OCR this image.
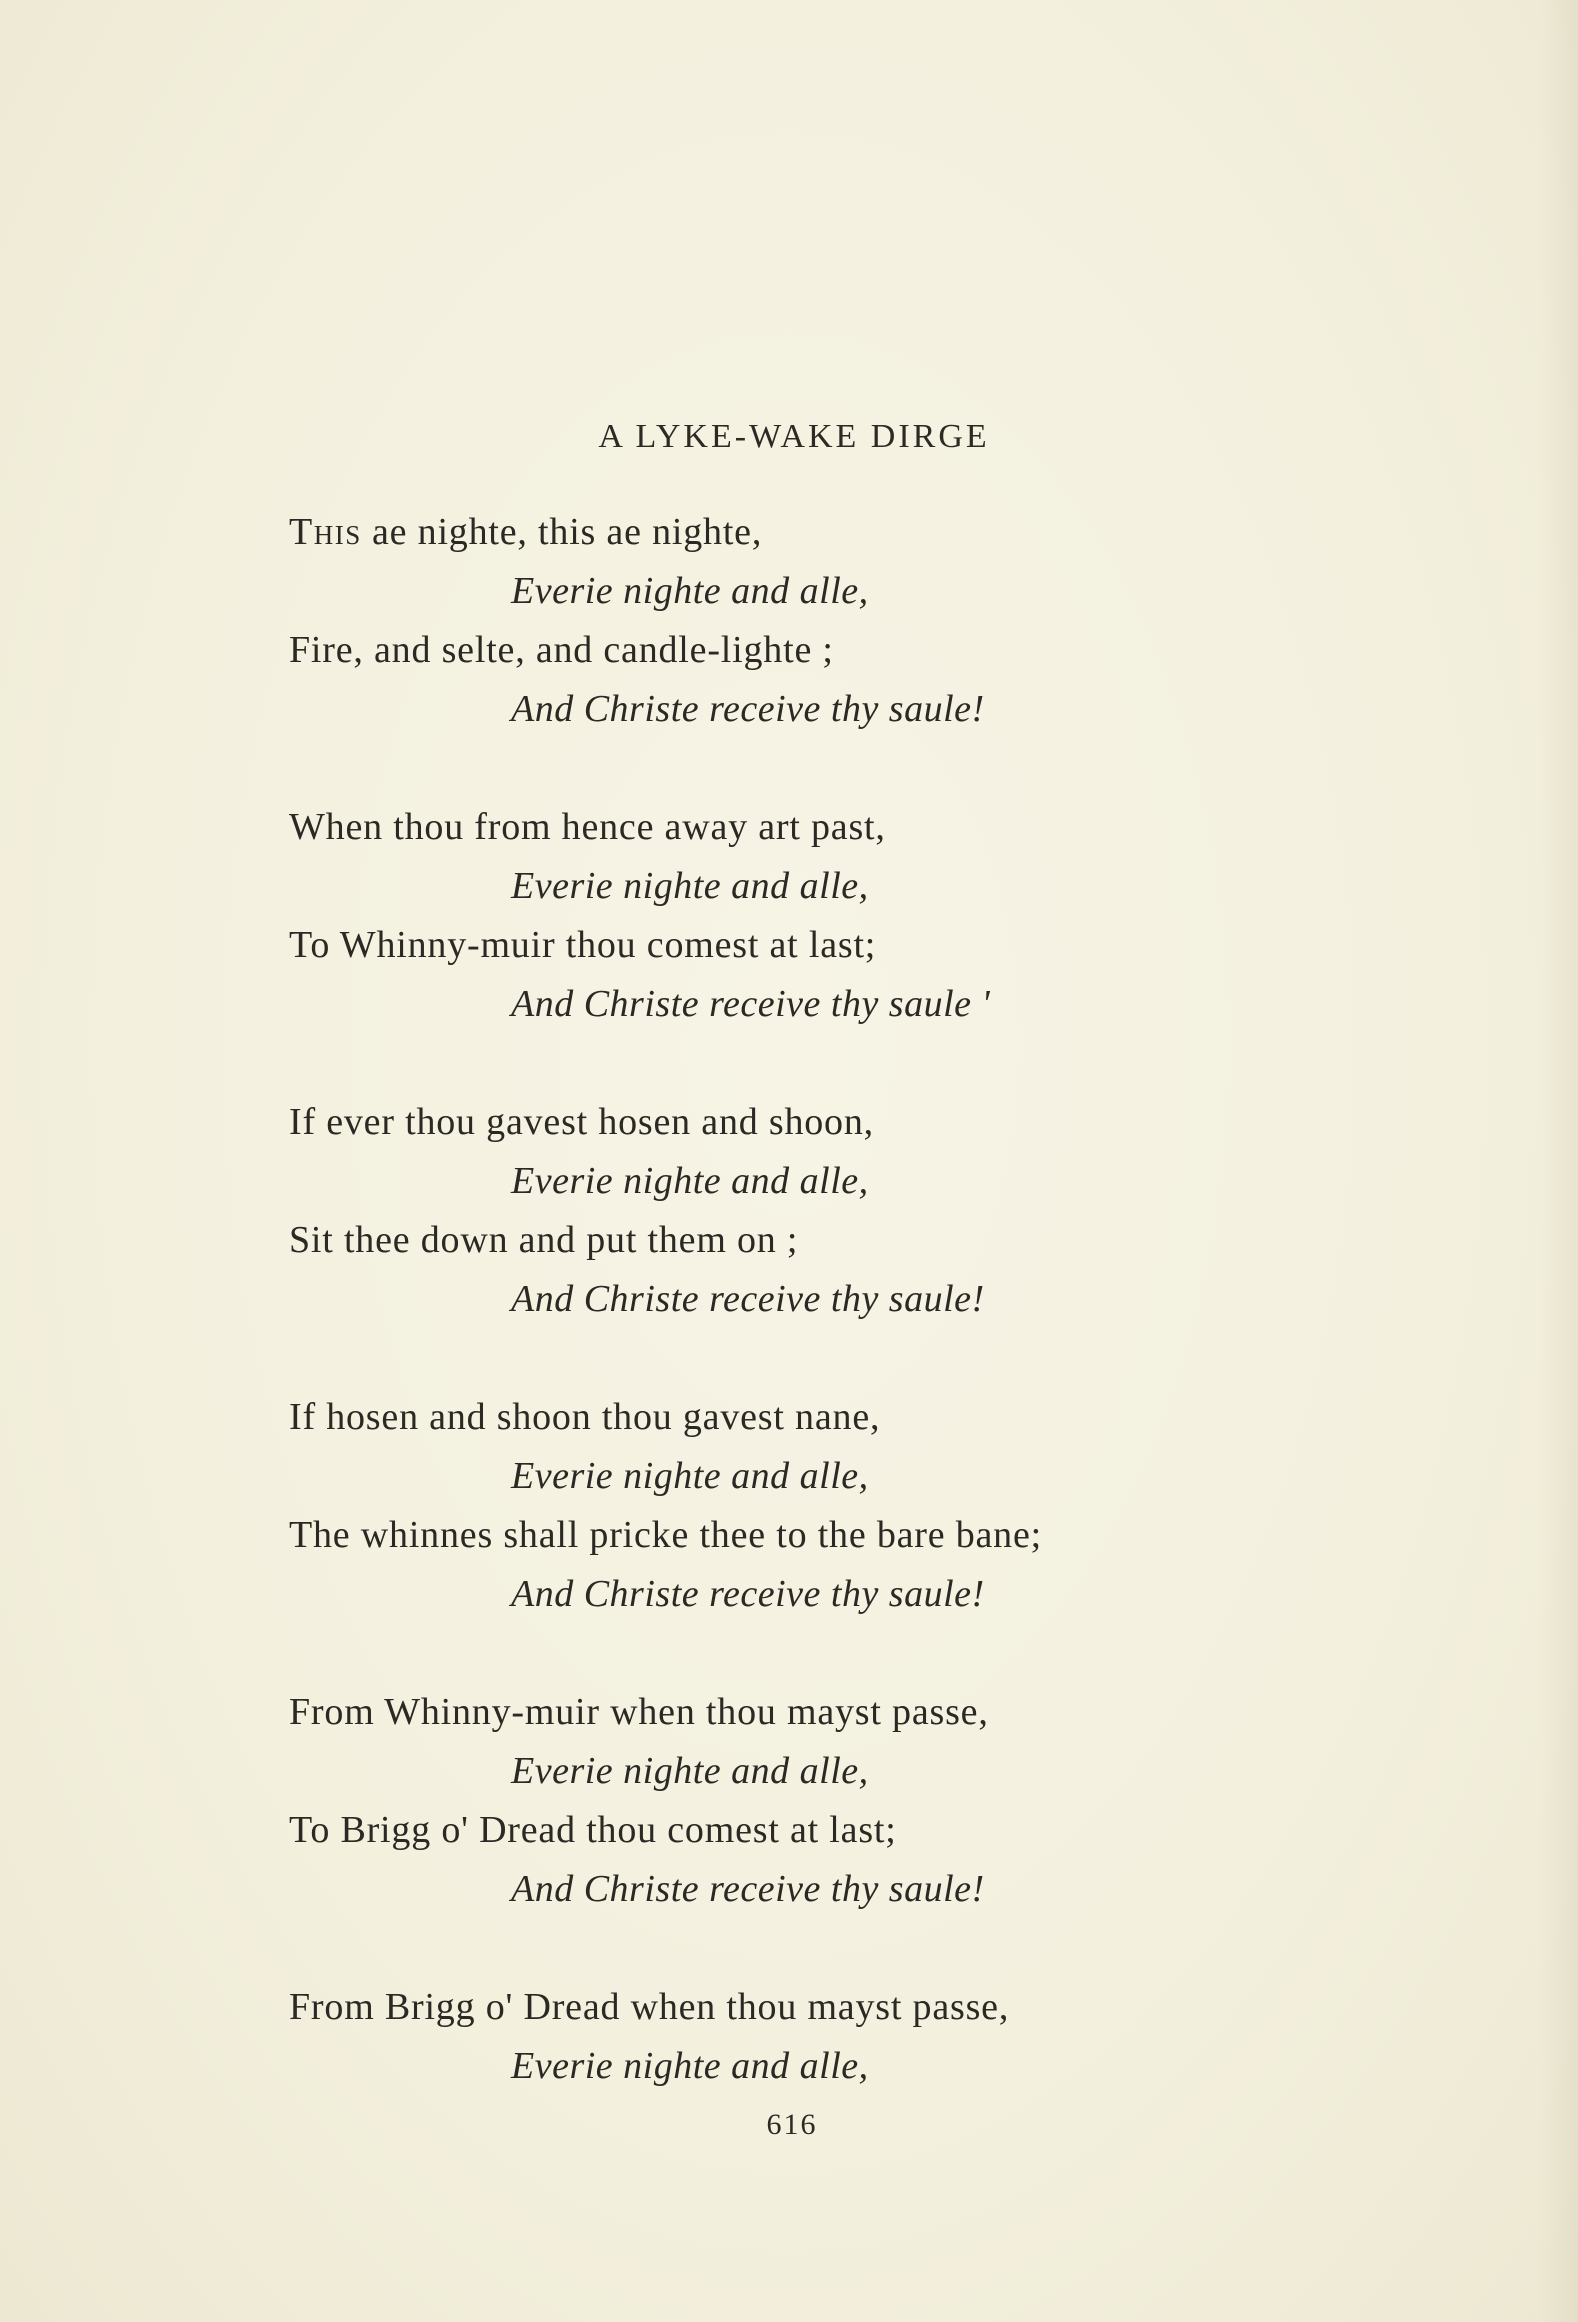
A LYKE-WAKE DIRGE
This ae nighte, this ae nighte,
Everie nighte and alle,
Fire, and selte, and candle-lighte ;
And Christe receive thy saule!
When thou from hence away art past,
Everie nighte and alle,
To Whinny-muir thou comest at last;
And Christe receive thy saule '
If ever thou gavest hosen and shoon,
Everie nighte and alle,
Sit thee down and put them on ;
And Christe receive thy saule!
If hosen and shoon thou gavest nane,
Everie nighte and alle,
The whinnes shall pricke thee to the bare bane;
And Christe receive thy saule!
From Whinny-muir when thou mayst passe,
Everie nighte and alle,
To Brigg o' Dread thou comest at last;
And Christe receive thy saule!
From Brigg o' Dread when thou mayst passe,
Everie nighte and alle,
616
